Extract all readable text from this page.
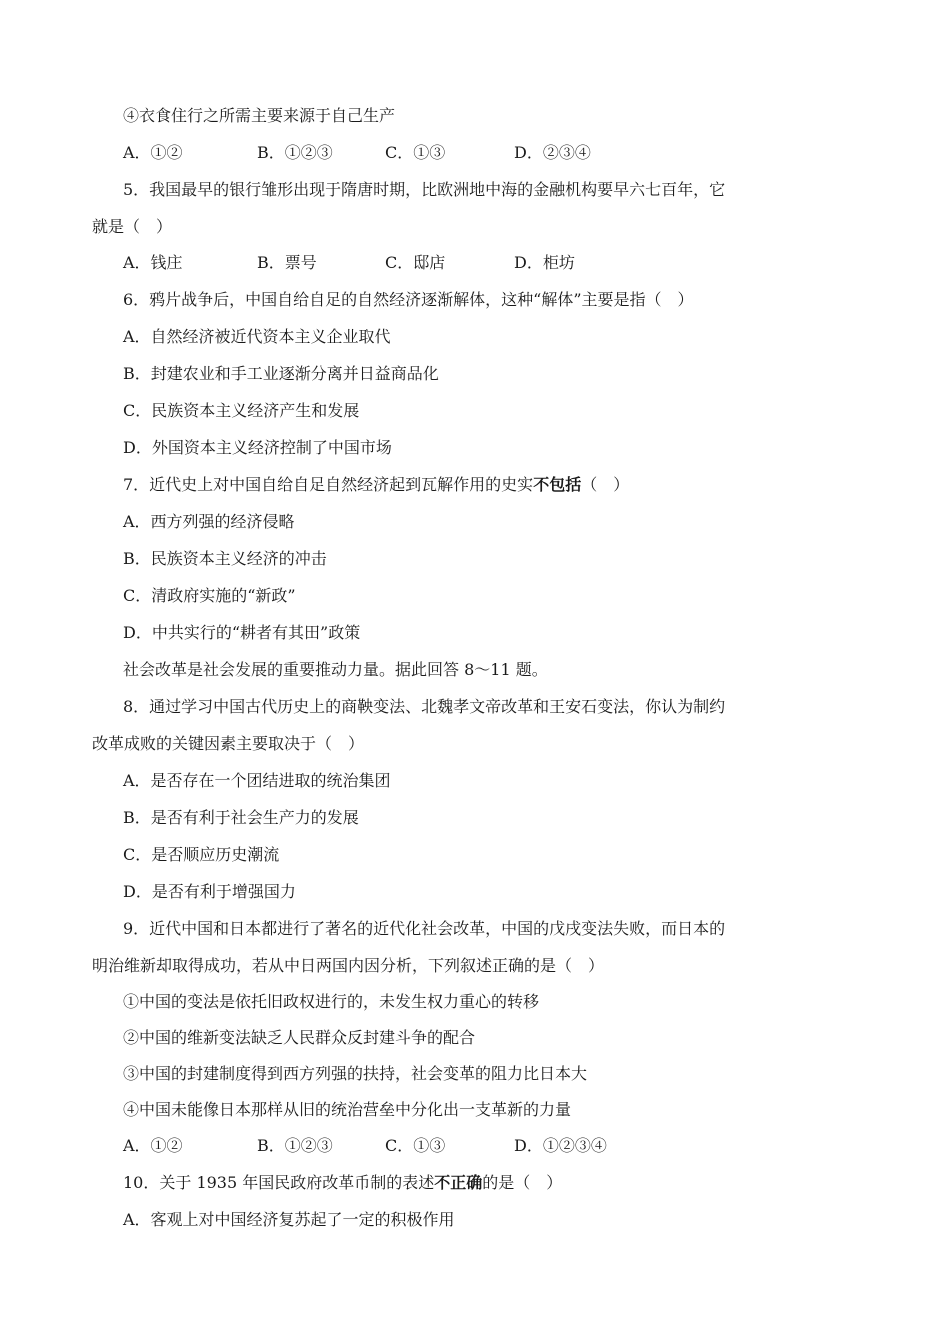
④衣食住行之所需主要来源于自己生产
A．①②	B．①②③	C．①③	D．②③④
5．我国最早的银行雏形出现于隋唐时期，比欧洲地中海的金融机构要早六七百年，它
就是（　）
A．钱庄	B．票号	C．邸店	D．柜坊
6．鸦片战争后，中国自给自足的自然经济逐渐解体，这种“解体”主要是指（　）
A．自然经济被近代资本主义企业取代
B．封建农业和手工业逐渐分离并日益商品化
C．民族资本主义经济产生和发展
D．外国资本主义经济控制了中国市场
7．近代史上对中国自给自足自然经济起到瓦解作用的史实不包括（　）
A．西方列强的经济侵略
B．民族资本主义经济的冲击
C．清政府实施的“新政”
D．中共实行的“耕者有其田”政策
社会改革是社会发展的重要推动力量。据此回答 8～11 题。
8．通过学习中国古代历史上的商鞅变法、北魏孝文帝改革和王安石变法，你认为制约
改革成败的关键因素主要取决于（　）
A．是否存在一个团结进取的统治集团
B．是否有利于社会生产力的发展
C．是否顺应历史潮流
D．是否有利于增强国力
9．近代中国和日本都进行了著名的近代化社会改革，中国的戊戌变法失败，而日本的
明治维新却取得成功，若从中日两国内因分析，下列叙述正确的是（　）
①中国的变法是依托旧政权进行的，未发生权力重心的转移
②中国的维新变法缺乏人民群众反封建斗争的配合
③中国的封建制度得到西方列强的扶持，社会变革的阻力比日本大
④中国未能像日本那样从旧的统治营垒中分化出一支革新的力量
A．①②	B．①②③	C．①③	D．①②③④
10．关于 1935 年国民政府改革币制的表述不正确的是（　）
A．客观上对中国经济复苏起了一定的积极作用
